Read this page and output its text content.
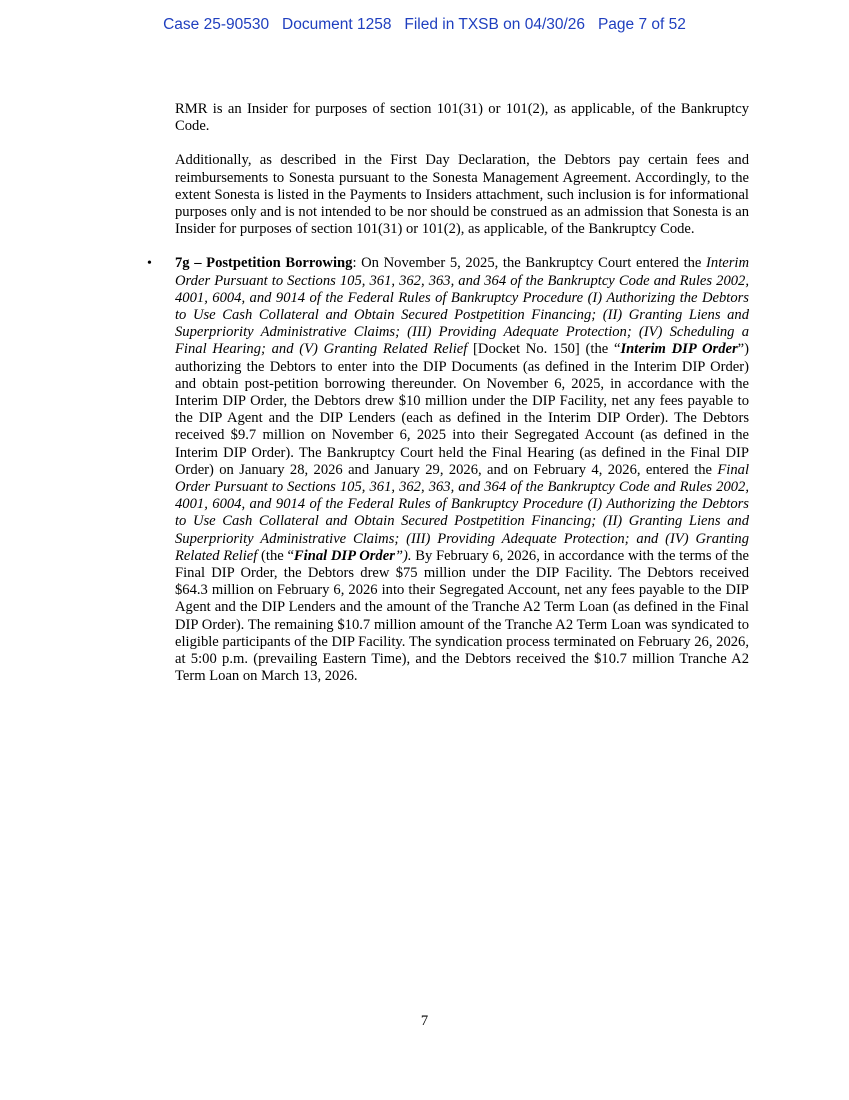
Case 25-90530   Document 1258   Filed in TXSB on 04/30/26   Page 7 of 52

RMR is an Insider for purposes of section 101(31) or 101(2), as applicable, of the Bankruptcy Code.

Additionally, as described in the First Day Declaration, the Debtors pay certain fees and reimbursements to Sonesta pursuant to the Sonesta Management Agreement. Accordingly, to the extent Sonesta is listed in the Payments to Insiders attachment, such inclusion is for informational purposes only and is not intended to be nor should be construed as an admission that Sonesta is an Insider for purposes of section 101(31) or 101(2), as applicable, of the Bankruptcy Code.

• 7g – Postpetition Borrowing: On November 5, 2025, the Bankruptcy Court entered the Interim Order Pursuant to Sections 105, 361, 362, 363, and 364 of the Bankruptcy Code and Rules 2002, 4001, 6004, and 9014 of the Federal Rules of Bankruptcy Procedure (I) Authorizing the Debtors to Use Cash Collateral and Obtain Secured Postpetition Financing; (II) Granting Liens and Superpriority Administrative Claims; (III) Providing Adequate Protection; (IV) Scheduling a Final Hearing; and (V) Granting Related Relief [Docket No. 150] (the “Interim DIP Order”) authorizing the Debtors to enter into the DIP Documents (as defined in the Interim DIP Order) and obtain post-petition borrowing thereunder. On November 6, 2025, in accordance with the Interim DIP Order, the Debtors drew $10 million under the DIP Facility, net any fees payable to the DIP Agent and the DIP Lenders (each as defined in the Interim DIP Order). The Debtors received $9.7 million on November 6, 2025 into their Segregated Account (as defined in the Interim DIP Order). The Bankruptcy Court held the Final Hearing (as defined in the Final DIP Order) on January 28, 2026 and January 29, 2026, and on February 4, 2026, entered the Final Order Pursuant to Sections 105, 361, 362, 363, and 364 of the Bankruptcy Code and Rules 2002, 4001, 6004, and 9014 of the Federal Rules of Bankruptcy Procedure (I) Authorizing the Debtors to Use Cash Collateral and Obtain Secured Postpetition Financing; (II) Granting Liens and Superpriority Administrative Claims; (III) Providing Adequate Protection; and (IV) Granting Related Relief (the “Final DIP Order”). By February 6, 2026, in accordance with the terms of the Final DIP Order, the Debtors drew $75 million under the DIP Facility. The Debtors received $64.3 million on February 6, 2026 into their Segregated Account, net any fees payable to the DIP Agent and the DIP Lenders and the amount of the Tranche A2 Term Loan (as defined in the Final DIP Order). The remaining $10.7 million amount of the Tranche A2 Term Loan was syndicated to eligible participants of the DIP Facility. The syndication process terminated on February 26, 2026, at 5:00 p.m. (prevailing Eastern Time), and the Debtors received the $10.7 million Tranche A2 Term Loan on March 13, 2026.
7
